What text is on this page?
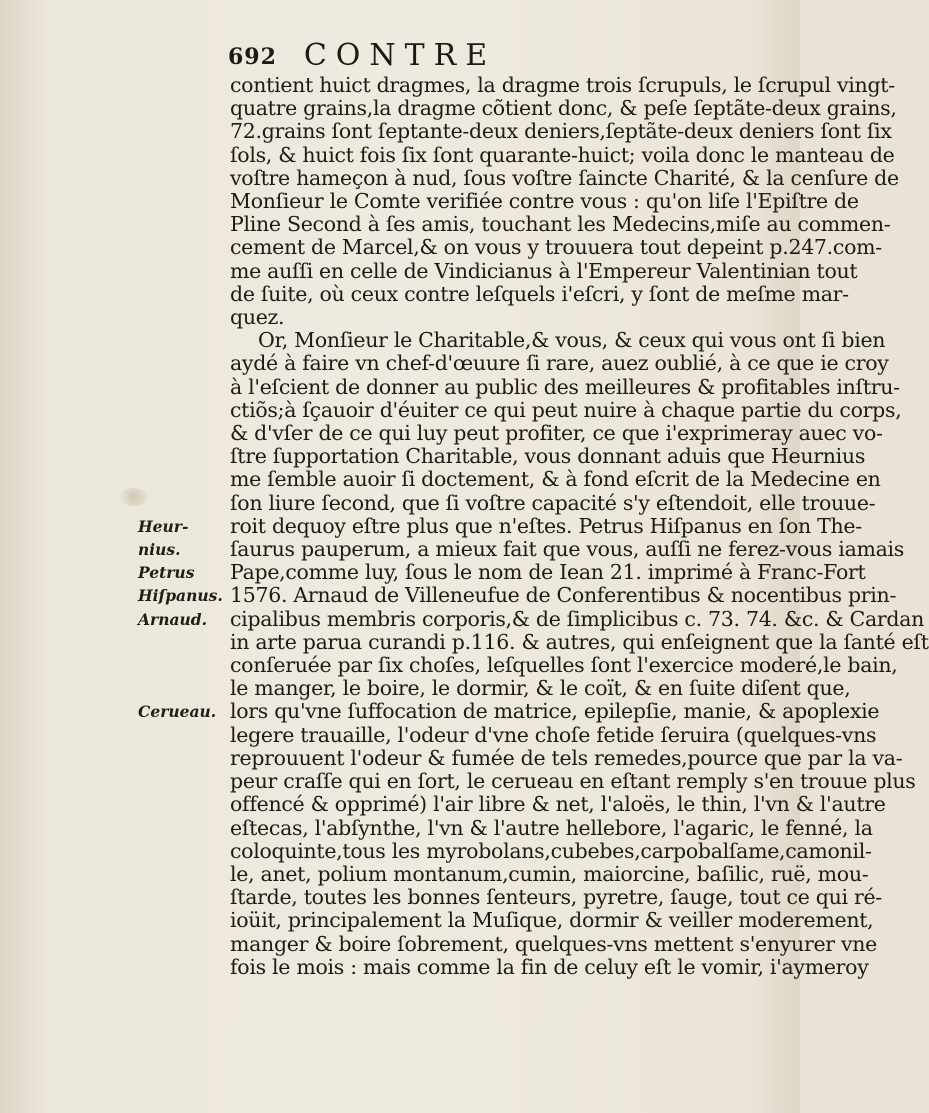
692 CONTRE
contient huict dragmes, la dragme trois ſcrupuls, le ſcrupul vingt-
quatre grains,la dragme cõtient donc, & peſe ſeptãte-deux grains,
72.grains ſont ſeptante-deux deniers,ſeptãte-deux deniers ſont ſix
ſols, & huict fois ſix ſont quarante-huict; voila donc le manteau de
voſtre hameçon à nud, ſous voſtre ſaincte Charité, & la cenſure de
Monſieur le Comte verifiée contre vous : qu'on liſe l'Epiſtre de
Pline Second à ſes amis, touchant les Medecins,miſe au commen-
cement de Marcel,& on vous y trouuera tout depeint p.247.com-
me auſſi en celle de Vindicianus à l'Empereur Valentinian tout
de ſuite, où ceux contre leſquels i'eſcri, y ſont de meſme mar-
quez.
Or, Monſieur le Charitable,& vous, & ceux qui vous ont ſi bien
aydé à faire vn chef-d'œuure ſi rare, auez oublié, à ce que ie croy
à l'eſcient de donner au public des meilleures & profitables inſtru-
ctiõs;à ſçauoir d'éuiter ce qui peut nuire à chaque partie du corps,
& d'vſer de ce qui luy peut profiter, ce que i'exprimeray auec vo-
ſtre ſupportation Charitable, vous donnant aduis que Heurnius
me ſemble auoir ſi doctement, & à fond eſcrit de la Medecine en
ſon liure ſecond, que ſi voſtre capacité s'y eſtendoit, elle trouue-
roit dequoy eſtre plus que n'eſtes. Petrus Hiſpanus en ſon The-
ſaurus pauperum, a mieux fait que vous, auſſi ne ferez-vous iamais
Pape,comme luy, ſous le nom de Iean 21. imprimé à Franc-Fort
1576. Arnaud de Villeneufue de Conferentibus & nocentibus prin-
cipalibus membris corporis,& de ſimplicibus c. 73. 74. &c. & Cardan
in arte parua curandi p.116. & autres, qui enſeignent que la ſanté eſt
conſeruée par ſix choſes, leſquelles ſont l'exercice moderé,le bain,
le manger, le boire, le dormir, & le coït, & en ſuite diſent que,
lors qu'vne ſuffocation de matrice, epilepſie, manie, & apoplexie
legere trauaille, l'odeur d'vne choſe fetide ſeruira (quelques-vns
reprouuent l'odeur & fumée de tels remedes,pource que par la va-
peur craſſe qui en ſort, le cerueau en eſtant remply s'en trouue plus
offencé & opprimé) l'air libre & net, l'aloës, le thin, l'vn & l'autre
eſtecas, l'abſynthe, l'vn & l'autre hellebore, l'agaric, le fenné, la
coloquinte,tous les myrobolans,cubebes,carpobalſame,camonil-
le, anet, polium montanum,cumin, maiorcine, baſilic, ruë, mou-
ſtarde, toutes les bonnes ſenteurs, pyretre, ſauge, tout ce qui ré-
ioüit, principalement la Muſique, dormir & veiller moderement,
manger & boire ſobrement, quelques-vns mettent s'enyurer vne
fois le mois : mais comme la fin de celuy eſt le vomir, i'aymeroy
Heur-
nius.
Petrus
Hiſpanus.
Arnaud.
Cerueau.
